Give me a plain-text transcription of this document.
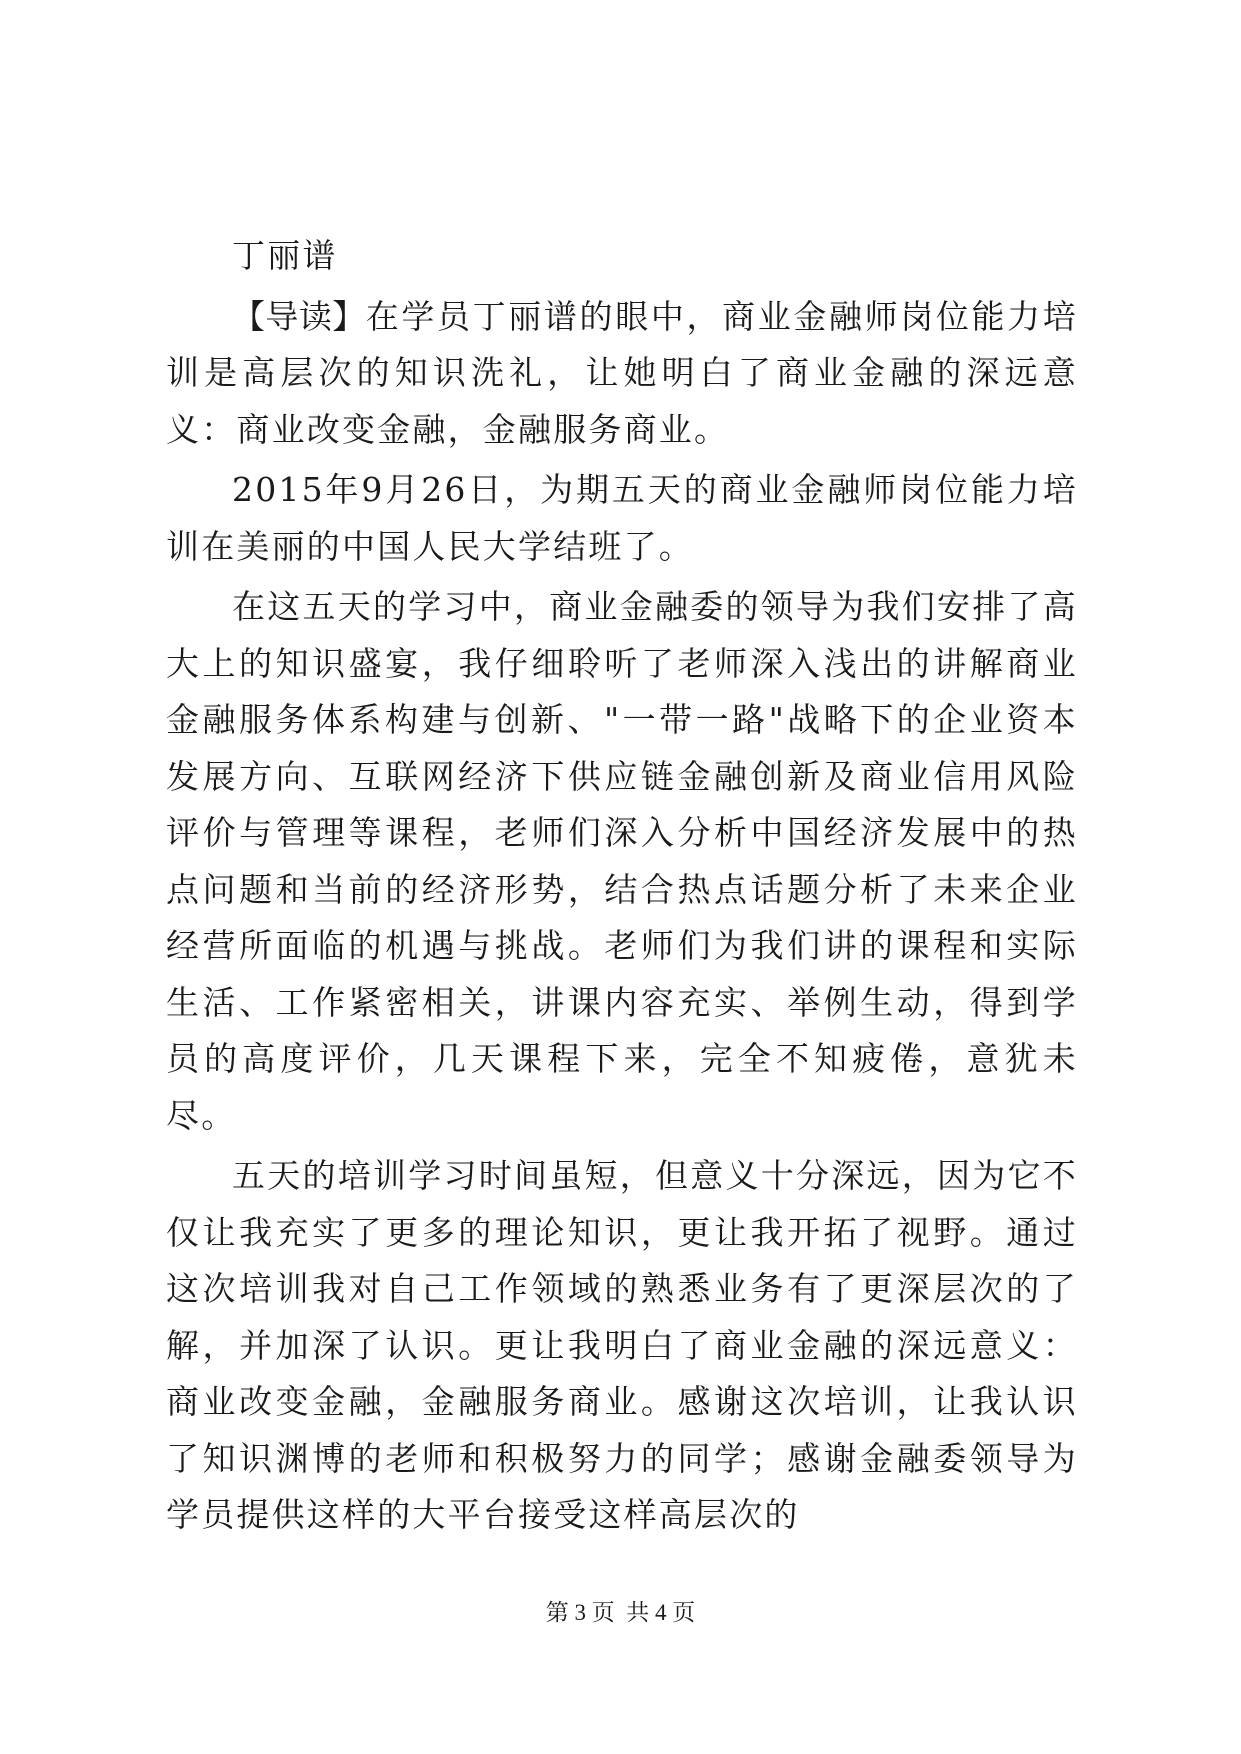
丁丽谱

【导读】在学员丁丽谱的眼中，商业金融师岗位能力培训是高层次的知识洗礼，让她明白了商业金融的深远意义：商业改变金融，金融服务商业。

2015年9月26日，为期五天的商业金融师岗位能力培训在美丽的中国人民大学结班了。

在这五天的学习中，商业金融委的领导为我们安排了高大上的知识盛宴，我仔细聆听了老师深入浅出的讲解商业金融服务体系构建与创新、"一带一路"战略下的企业资本发展方向、互联网经济下供应链金融创新及商业信用风险评价与管理等课程，老师们深入分析中国经济发展中的热点问题和当前的经济形势，结合热点话题分析了未来企业经营所面临的机遇与挑战。老师们为我们讲的课程和实际生活、工作紧密相关，讲课内容充实、举例生动，得到学员的高度评价，几天课程下来，完全不知疲倦，意犹未尽。

五天的培训学习时间虽短，但意义十分深远，因为它不仅让我充实了更多的理论知识，更让我开拓了视野。通过这次培训我对自己工作领域的熟悉业务有了更深层次的了解，并加深了认识。更让我明白了商业金融的深远意义：商业改变金融，金融服务商业。感谢这次培训，让我认识了知识渊博的老师和积极努力的同学；感谢金融委领导为学员提供这样的大平台接受这样高层次的

第 3 页  共 4 页
